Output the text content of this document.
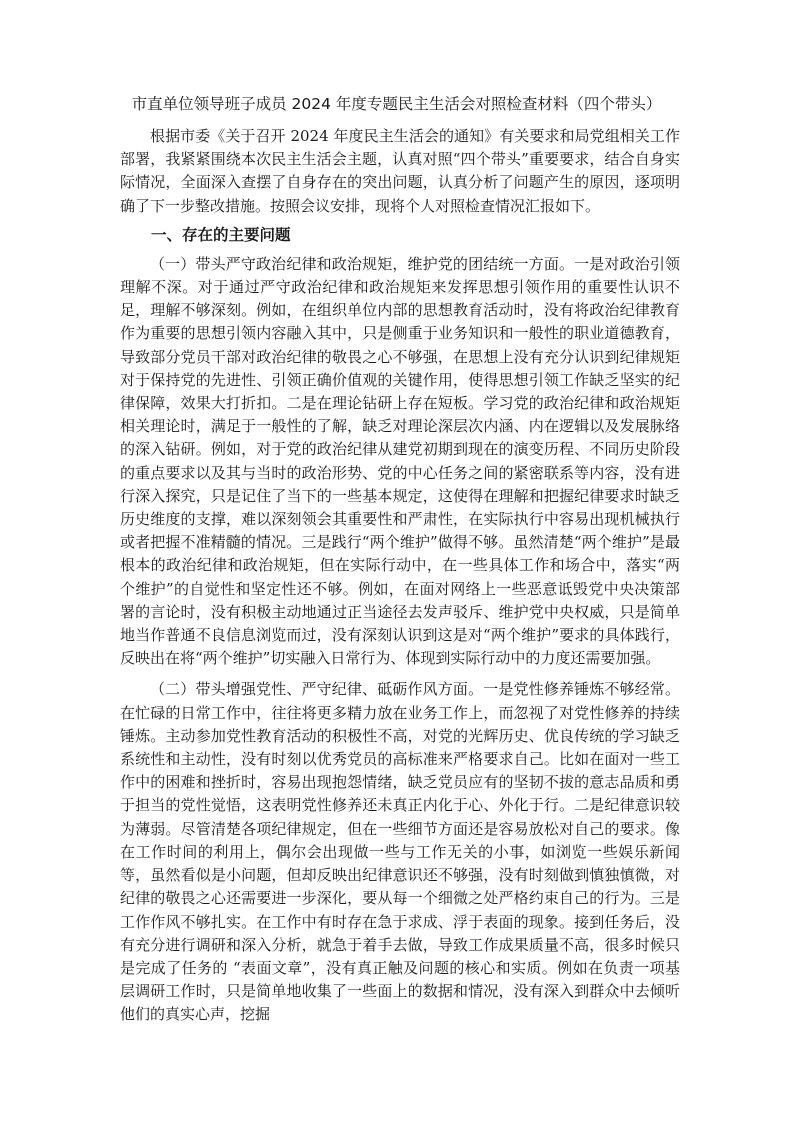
市直单位领导班子成员 2024 年度专题民主生活会对照检查材料（四个带头）

根据市委《关于召开 2024 年度民主生活会的通知》有关要求和局党组相关工作部署，我紧紧围绕本次民主生活会主题，认真对照“四个带头”重要要求，结合自身实际情况，全面深入查摆了自身存在的突出问题，认真分析了问题产生的原因，逐项明确了下一步整改措施。按照会议安排，现将个人对照检查情况汇报如下。

一、存在的主要问题

（一）带头严守政治纪律和政治规矩，维护党的团结统一方面。一是对政治引领理解不深。对于通过严守政治纪律和政治规矩来发挥思想引领作用的重要性认识不足，理解不够深刻。例如，在组织单位内部的思想教育活动时，没有将政治纪律教育作为重要的思想引领内容融入其中，只是侧重于业务知识和一般性的职业道德教育，导致部分党员干部对政治纪律的敬畏之心不够强，在思想上没有充分认识到纪律规矩对于保持党的先进性、引领正确价值观的关键作用，使得思想引领工作缺乏坚实的纪律保障，效果大打折扣。二是在理论钻研上存在短板。学习党的政治纪律和政治规矩相关理论时，满足于一般性的了解，缺乏对理论深层次内涵、内在逻辑以及发展脉络的深入钻研。例如，对于党的政治纪律从建党初期到现在的演变历程、不同历史阶段的重点要求以及其与当时的政治形势、党的中心任务之间的紧密联系等内容，没有进行深入探究，只是记住了当下的一些基本规定，这使得在理解和把握纪律要求时缺乏历史维度的支撑，难以深刻领会其重要性和严肃性，在实际执行中容易出现机械执行或者把握不准精髓的情况。三是践行“两个维护”做得不够。虽然清楚“两个维护”是最根本的政治纪律和政治规矩，但在实际行动中，在一些具体工作和场合中，落实“两个维护”的自觉性和坚定性还不够。例如，在面对网络上一些恶意诋毁党中央决策部署的言论时，没有积极主动地通过正当途径去发声驳斥、维护党中央权威，只是简单地当作普通不良信息浏览而过，没有深刻认识到这是对“两个维护”要求的具体践行，反映出在将“两个维护”切实融入日常行为、体现到实际行动中的力度还需要加强。

（二）带头增强党性、严守纪律、砥砺作风方面。一是党性修养锤炼不够经常。在忙碌的日常工作中，往往将更多精力放在业务工作上，而忽视了对党性修养的持续锤炼。主动参加党性教育活动的积极性不高，对党的光辉历史、优良传统的学习缺乏系统性和主动性，没有时刻以优秀党员的高标准来严格要求自己。比如在面对一些工作中的困难和挫折时，容易出现抱怨情绪，缺乏党员应有的坚韧不拔的意志品质和勇于担当的党性觉悟，这表明党性修养还未真正内化于心、外化于行。二是纪律意识较为薄弱。尽管清楚各项纪律规定，但在一些细节方面还是容易放松对自己的要求。像在工作时间的利用上，偶尔会出现做一些与工作无关的小事，如浏览一些娱乐新闻等，虽然看似是小问题，但却反映出纪律意识还不够强，没有时刻做到慎独慎微，对纪律的敬畏之心还需要进一步深化，要从每一个细微之处严格约束自己的行为。三是工作作风不够扎实。在工作中有时存在急于求成、浮于表面的现象。接到任务后，没有充分进行调研和深入分析，就急于着手去做，导致工作成果质量不高，很多时候只是完成了任务的 “表面文章”，没有真正触及问题的核心和实质。例如在负责一项基层调研工作时，只是简单地收集了一些面上的数据和情况，没有深入到群众中去倾听他们的真实心声，挖掘
